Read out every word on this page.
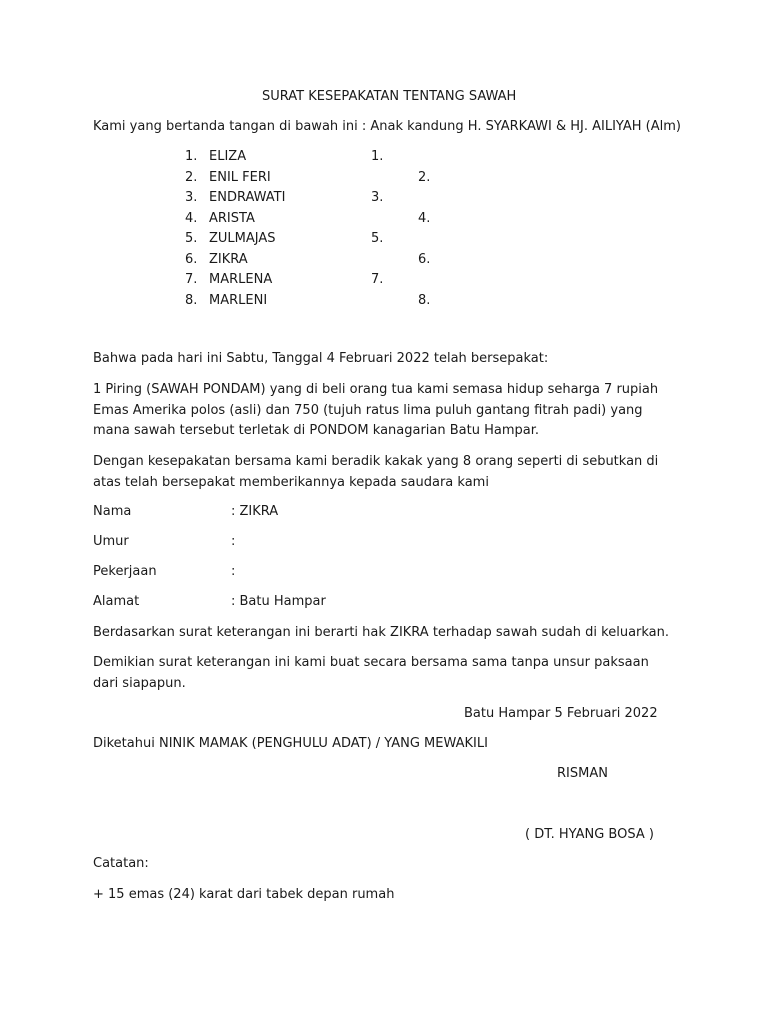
SURAT KESEPAKATAN TENTANG SAWAH
Kami yang bertanda tangan di bawah ini : Anak kandung H. SYARKAWI & HJ. AILIYAH (Alm)
1. ELIZA	1.
2. ENIL FERI	2.
3. ENDRAWATI	3.
4. ARISTA	4.
5. ZULMAJAS	5.
6. ZIKRA	6.
7. MARLENA	7.
8. MARLENI	8.
Bahwa pada hari ini Sabtu, Tanggal 4 Februari 2022 telah bersepakat:
1 Piring (SAWAH PONDAM) yang di beli orang tua kami semasa hidup seharga 7 rupiah Emas Amerika polos (asli) dan 750 (tujuh ratus lima puluh gantang fitrah padi) yang mana sawah tersebut terletak di PONDOM kanagarian Batu Hampar.
Dengan kesepakatan bersama kami beradik kakak yang 8 orang seperti di sebutkan di atas telah bersepakat memberikannya kepada saudara kami
Nama	: ZIKRA
Umur	:
Pekerjaan	:
Alamat	: Batu Hampar
Berdasarkan surat keterangan ini berarti hak ZIKRA terhadap sawah sudah di keluarkan.
Demikian surat keterangan ini kami buat secara bersama sama tanpa unsur paksaan dari siapapun.
Batu Hampar 5 Februari 2022
Diketahui NINIK MAMAK (PENGHULU ADAT) / YANG MEWAKILI
RISMAN
( DT. HYANG BOSA )
Catatan:
+ 15 emas (24) karat dari tabek depan rumah
